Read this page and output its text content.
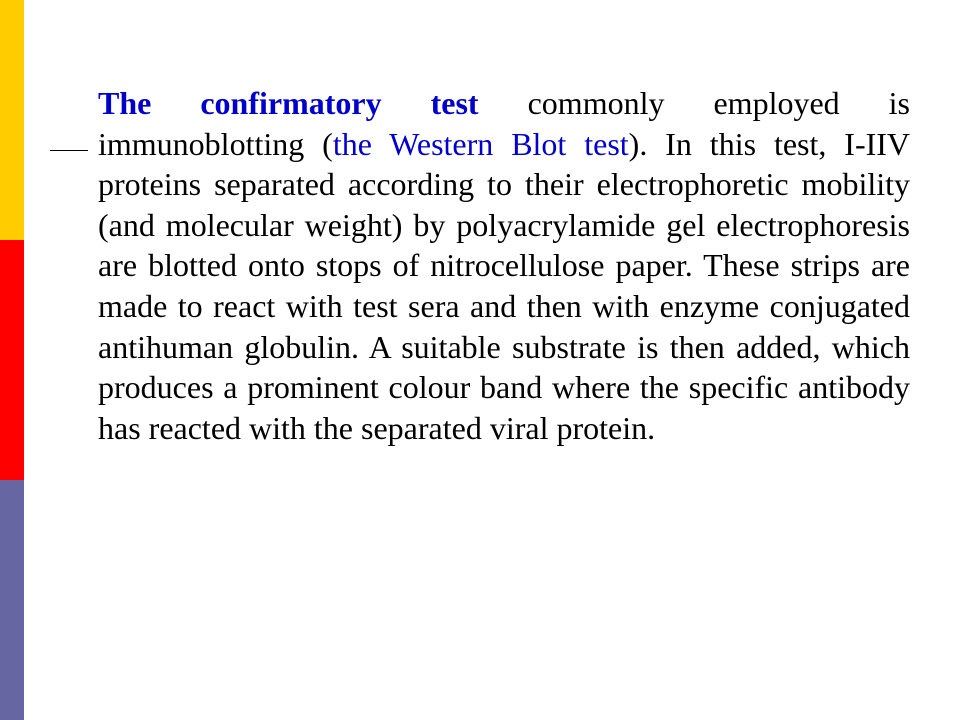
The confirmatory test commonly employed is immunoblotting (the Western Blot test). In this test, I-IIV proteins separated according to their electrophoretic mobility (and molecular weight) by polyacrylamide gel electrophoresis are blotted onto stops of nitrocellulose paper. These strips are made to react with test sera and then with enzyme conjugated antihuman globulin. A suitable substrate is then added, which produces a prominent colour band where the specific antibody has reacted with the separated viral protein.
